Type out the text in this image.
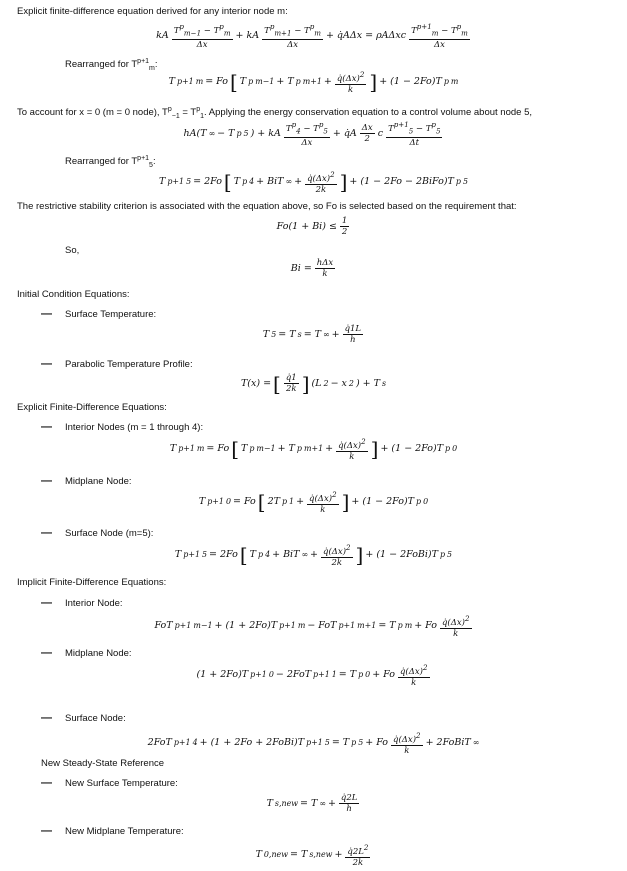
Explicit finite-difference equation derived for any interior node m:
kA $T^p_{m-1} - T^p_m$
Δx
+ kA $T^p_{m+1} - T^p_m$
Δx
+ q̇AΔx = ρAΔxc $T^{p+1}_m - T^p_m$
Δx
Rearranged for $T^{p+1}_m$:
T p+1 m = Fo [ T p m−1 + T p $m+1 + q̇(\Delta x)^2$
k ] + (1 − 2Fo)T p m
To account for x = 0 (m = 0 node), $T^p_{-1} = T^p_1$. Applying the energy conservation equation to a control volume about node 5,
hA(T ∞ − T p 5 ) + kA $T^p_4 - T^p_5$
Δx
+ q̇A Δx
2
c $T^{p+1}_5 - T^p_5$
Δt
Rearranged for $T^{p+1}_5$:
T p+1 5 = 2Fo [ T p 4 + BiT ∞ + $q̇(\Delta x)^2$
2k ] + (1 − 2Fo − 2BiFo)T p 5
The restrictive stability criterion is associated with the equation above, so Fo is selected based on the requirement that:
$Fo(1 + Bi) \le \frac{1}{2}$
So,
Bi = hΔx
k
Initial Condition Equations:
— Surface Temperature:
T 5 = T s = T ∞ + q̇1L
h
— Parabolic Temperature Profile:
T(x) = [ q̇1
2k ] (L 2 − x 2 ) + T s
Explicit Finite-Difference Equations:
— Interior Nodes (m = 1 through 4):
T p+1 m = Fo [ T p m−1 + T p $m+1 + q̇(\Delta x)^2$
k ] + (1 − 2Fo)T p 0
— Midplane Node:
T p+1 0 = Fo [ 2T p $1 + q̇(\Delta x)^2$
k ] + (1 − 2Fo)T p 0
— Surface Node (m=5):
T p+1 5 = 2Fo [ T p 4 + BiT ∞ + $q̇(\Delta x)^2$
2k ] + (1 − 2FoBi)T p 5
Implicit Finite-Difference Equations:
— Interior Node:
FoT p+1 m−1 + (1 + 2Fo)T p+1 m − FoT p+1 m+1 = T p m + Fo $q̇(\Delta x)^2$
k
— Midplane Node:
(1 + 2Fo)T p+1 0 − 2FoT p+1 1 = T p 0 + Fo $q̇(\Delta x)^2$
k
— Surface Node:
2FoT p+1 4 + (1 + 2Fo + 2FoBi)T p+1 5 = T p 5 + Fo $q̇(\Delta x)^2$
k
+ 2FoBiT ∞
New Steady-State Reference
— New Surface Temperature:
T s,new = T ∞ + q̇2L
h
— New Midplane Temperature:
T 0,new = T $s,new + q̇2L^2$
2k
